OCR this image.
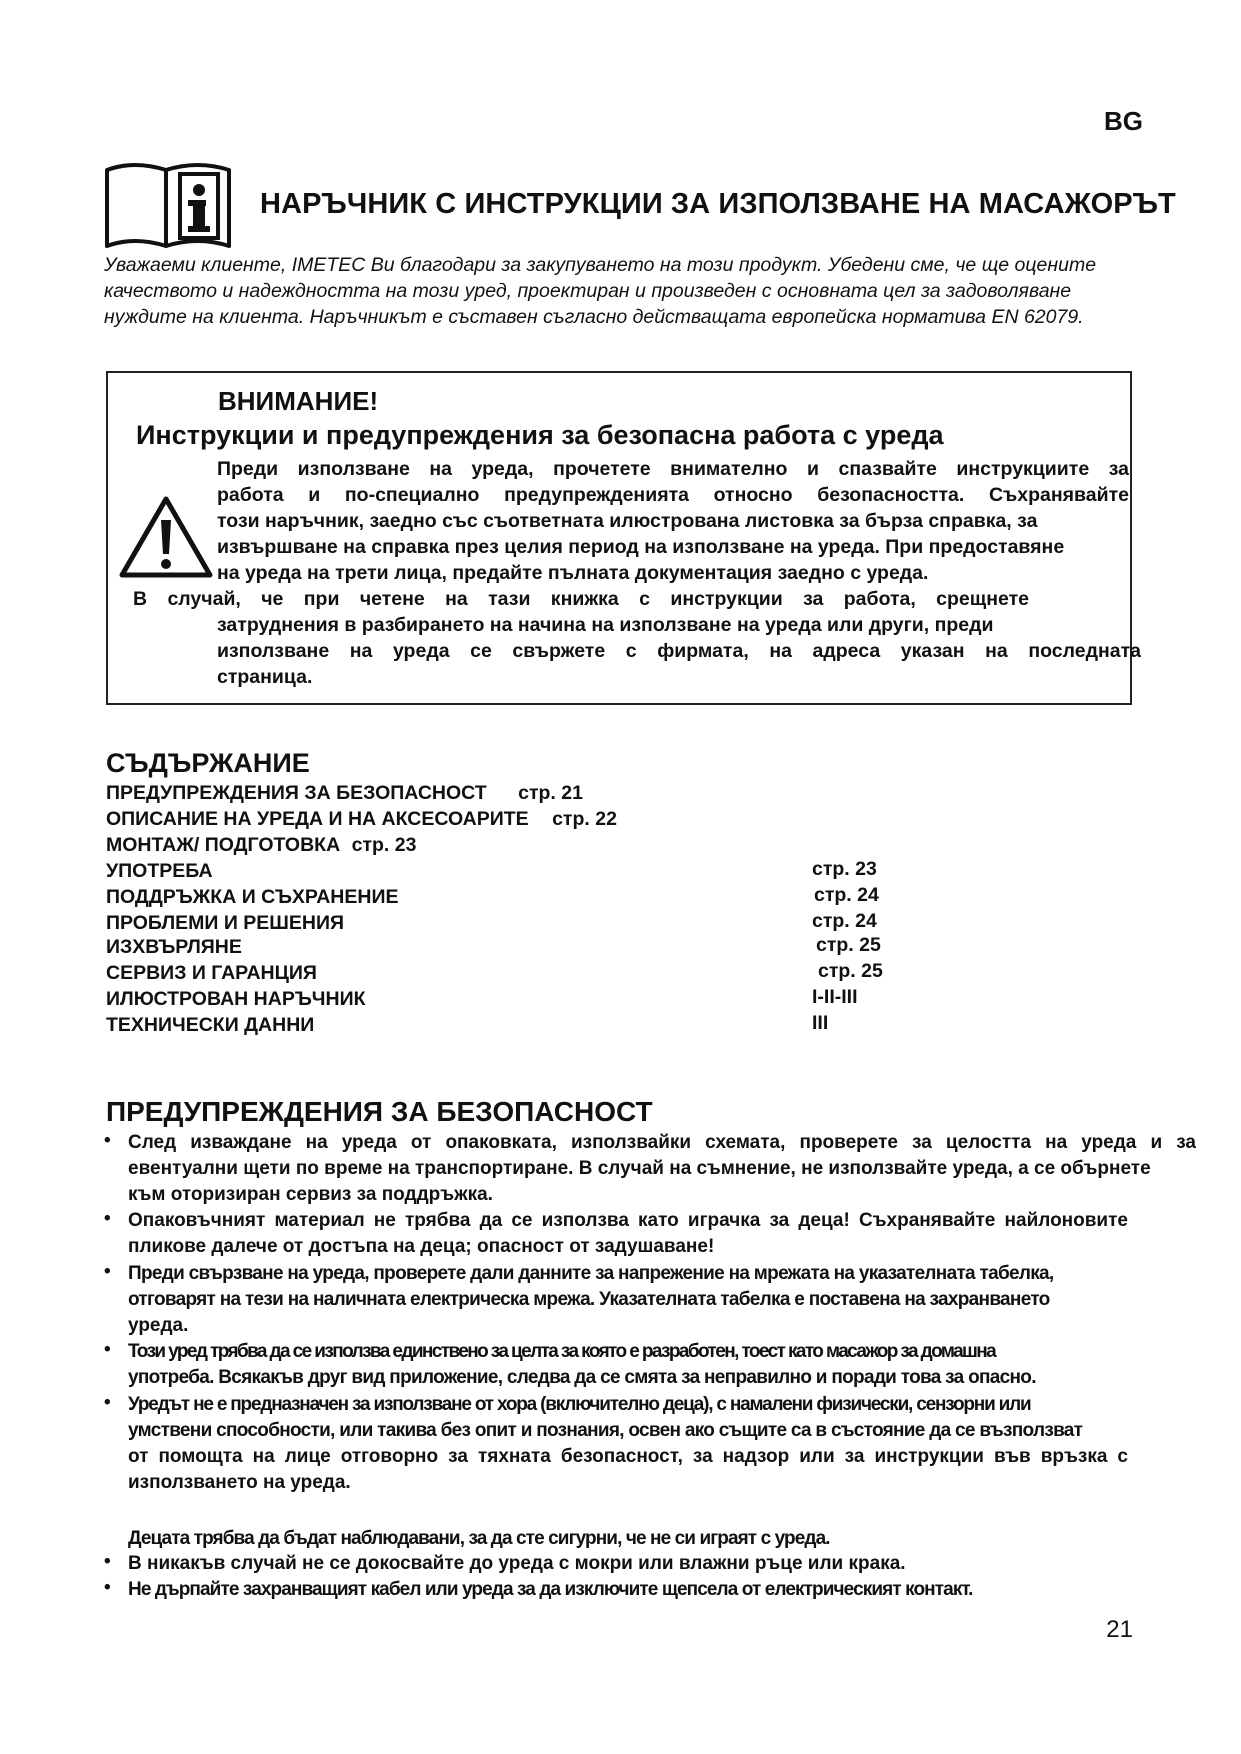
BG
НАРЪЧНИК С ИНСТРУКЦИИ ЗА ИЗПОЛЗВАНЕ НА МАСАЖОРЪТ
Уважаеми клиенте, IMETEC Ви благодари за закупуването на този продукт. Убедени сме, че ще оцените
качеството и надеждността на този уред, проектиран и произведен с основната цел за задоволяване
нуждите на клиента. Наръчникът е съставен съгласно действащата европейска норматива EN 62079.
ВНИМАНИЕ!
Инструкции и предупреждения за безопасна работа с уреда
Преди използване на уреда, прочетете внимателно и спазвайте инструкциите за
работа и по-специално предупрежденията относно безопасността. Съхранявайте
този наръчник, заедно със съответната илюстрована листовка за бърза справка, за
извършване на справка през целия период на използване на уреда. При предоставяне
на уреда на трети лица, предайте пълната документация заедно с уреда.
В случай, че при четене на тази книжка с инструкции за работа, срещнете
затруднения в разбирането на начина на използване на уреда или други, преди
използване на уреда се свържете с фирмата, на адреса указан на последната
страница.
СЪДЪРЖАНИЕ
ПРЕДУПРЕЖДЕНИЯ ЗА БЕЗОПАСНОСТ стр. 21
ОПИСАНИЕ НА УРЕДА И НА АКСЕСОАРИТЕ стр. 22
МОНТАЖ/ ПОДГОТОВКА стр. 23
УПОТРЕБА	стр. 23
ПОДДРЪЖКА И СЪХРАНЕНИЕ	стр. 24
ПРОБЛЕМИ И РЕШЕНИЯ	стр. 24
ИЗХВЪРЛЯНЕ	стр. 25
СЕРВИЗ И ГАРАНЦИЯ	стр. 25
ИЛЮСТРОВАН НАРЪЧНИК	I-II-III
ТЕХНИЧЕСКИ ДАННИ	III
ПРЕДУПРЕЖДЕНИЯ ЗА БЕЗОПАСНОСТ
• След изваждане на уреда от опаковката, използвайки схемата, проверете за целостта на уреда и за
евентуални щети по време на транспортиране. В случай на съмнение, не използвайте уреда, а се обърнете
към оторизиран сервиз за поддръжка.
• Опаковъчният материал не трябва да се използва като играчка за деца! Съхранявайте найлоновите
пликове далече от достъпа на деца; опасност от задушаване!
• Преди свързване на уреда, проверете дали данните за напрежение на мрежата на указателната табелка,
отговарят на тези на наличната електрическа мрежа. Указателната табелка е поставена на захранването
уреда.
• Този уред трябва да се използва единствено за целта за която е разработен, тоест като масажор за домашна
употреба. Всякакъв друг вид приложение, следва да се смята за неправилно и поради това за опасно.
• Уредът не е предназначен за използване от хора (включително деца), с намалени физически, сензорни или
умствени способности, или такива без опит и познания, освен ако същите са в състояние да се възползват
от помощта на лице отговорно за тяхната безопасност, за надзор или за инструкции във връзка с
използването на уреда.
Децата трябва да бъдат наблюдавани, за да сте сигурни, че не си играят с уреда.
• В никакъв случай не се докосвайте до уреда с мокри или влажни ръце или крака.
• Не дърпайте захранващият кабел или уреда за да изключите щепсела от електрическият контакт.
21
